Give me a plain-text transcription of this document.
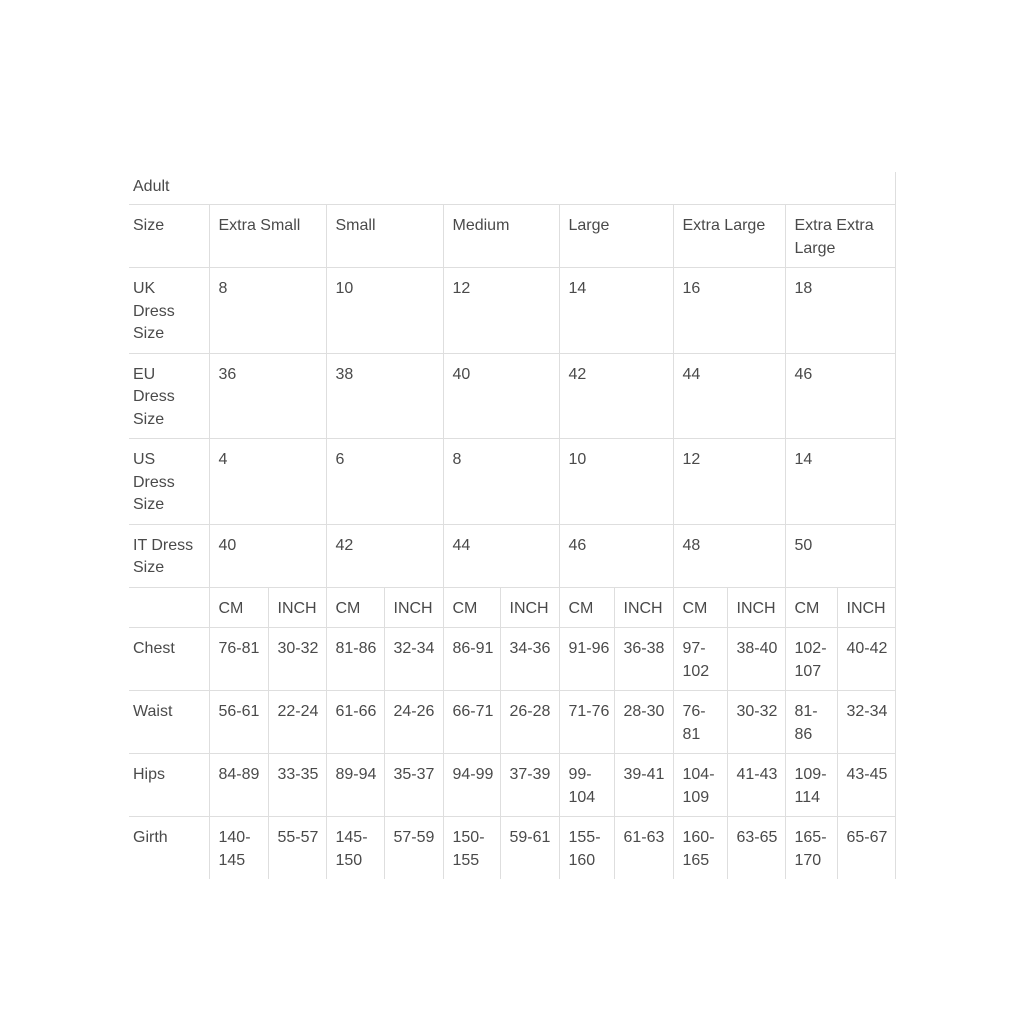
Adult												

Size	Extra Small		Small		Medium		Large		Extra Large		Extra Extra Large	

UK Dress Size	8		10		12		14		16		18	

EU Dress Size	36		38		40		42		44		46	

US Dress Size	4		6		8		10		12		14	

IT Dress Size	40		42		44		46		48		50	

	CM	INCH	CM	INCH	CM	INCH	CM	INCH	CM	INCH	CM	INCH

Chest	76-81	30-32	81-86	32-34	86-91	34-36	91-96	36-38	97-102	38-40	102-107	40-42

Waist	56-61	22-24	61-66	24-26	66-71	26-28	71-76	28-30	76-81	30-32	81-86	32-34

Hips	84-89	33-35	89-94	35-37	94-99	37-39	99-104	39-41	104-109	41-43	109-114	43-45

Girth	140-145	55-57	145-150	57-59	150-155	59-61	155-160	61-63	160-165	63-65	165-170	65-67
